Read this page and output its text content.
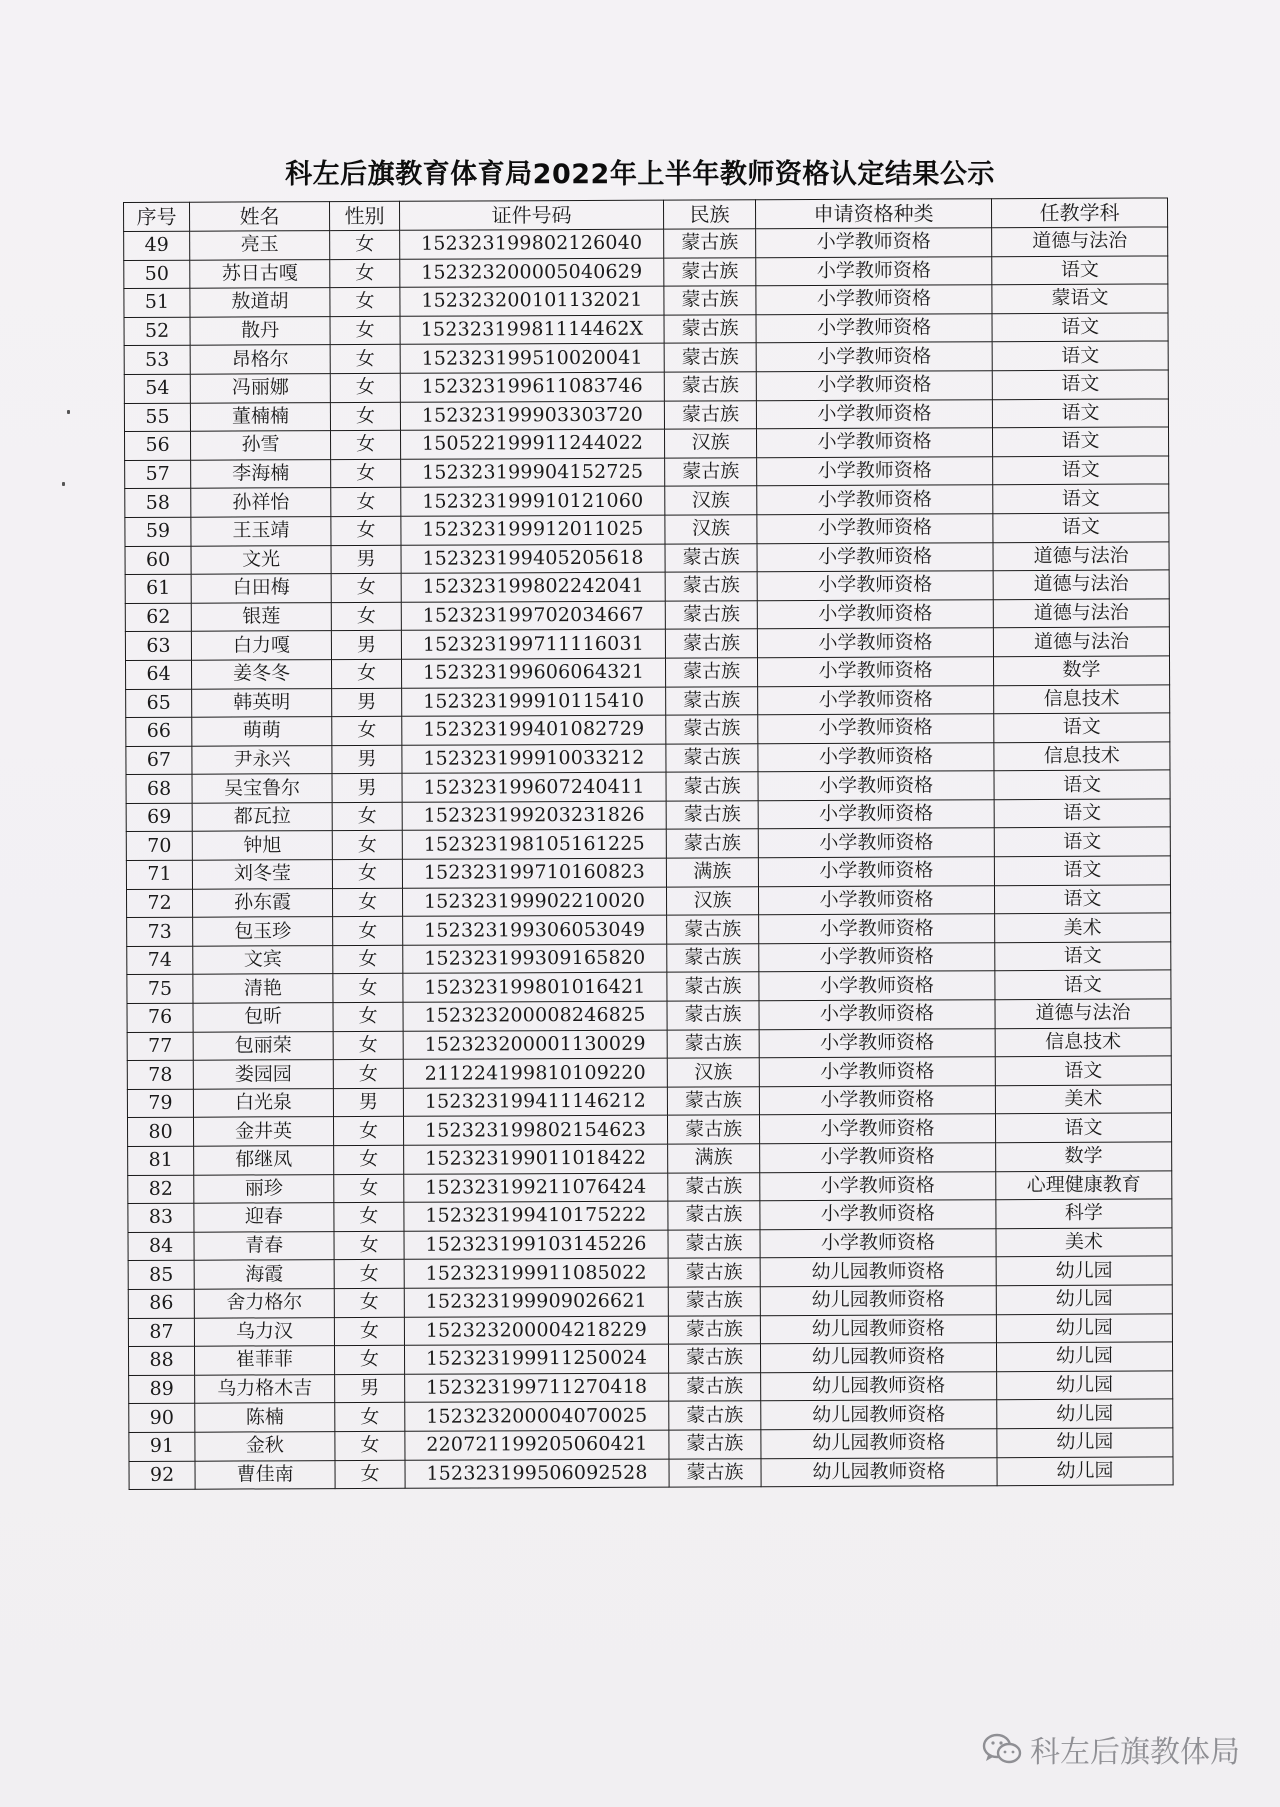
科左后旗教育体育局2022年上半年教师资格认定结果公示
序号	姓名	性别	证件号码	民族	申请资格种类	任教学科
49	亮玉	女	152323199802126040	蒙古族	小学教师资格	道德与法治
50	苏日古嘎	女	152323200005040629	蒙古族	小学教师资格	语文
51	敖道胡	女	152323200101132021	蒙古族	小学教师资格	蒙语文
52	散丹	女	15232319981114462X	蒙古族	小学教师资格	语文
53	昂格尔	女	152323199510020041	蒙古族	小学教师资格	语文
54	冯丽娜	女	152323199611083746	蒙古族	小学教师资格	语文
55	董楠楠	女	152323199903303720	蒙古族	小学教师资格	语文
56	孙雪	女	150522199911244022	汉族	小学教师资格	语文
57	李海楠	女	152323199904152725	蒙古族	小学教师资格	语文
58	孙祥怡	女	152323199910121060	汉族	小学教师资格	语文
59	王玉靖	女	152323199912011025	汉族	小学教师资格	语文
60	文光	男	152323199405205618	蒙古族	小学教师资格	道德与法治
61	白田梅	女	152323199802242041	蒙古族	小学教师资格	道德与法治
62	银莲	女	152323199702034667	蒙古族	小学教师资格	道德与法治
63	白力嘎	男	152323199711116031	蒙古族	小学教师资格	道德与法治
64	姜冬冬	女	152323199606064321	蒙古族	小学教师资格	数学
65	韩英明	男	152323199910115410	蒙古族	小学教师资格	信息技术
66	萌萌	女	152323199401082729	蒙古族	小学教师资格	语文
67	尹永兴	男	152323199910033212	蒙古族	小学教师资格	信息技术
68	吴宝鲁尔	男	152323199607240411	蒙古族	小学教师资格	语文
69	都瓦拉	女	152323199203231826	蒙古族	小学教师资格	语文
70	钟旭	女	152323198105161225	蒙古族	小学教师资格	语文
71	刘冬莹	女	152323199710160823	满族	小学教师资格	语文
72	孙东霞	女	152323199902210020	汉族	小学教师资格	语文
73	包玉珍	女	152323199306053049	蒙古族	小学教师资格	美术
74	文宾	女	152323199309165820	蒙古族	小学教师资格	语文
75	清艳	女	152323199801016421	蒙古族	小学教师资格	语文
76	包昕	女	152323200008246825	蒙古族	小学教师资格	道德与法治
77	包丽荣	女	152323200001130029	蒙古族	小学教师资格	信息技术
78	娄园园	女	211224199810109220	汉族	小学教师资格	语文
79	白光泉	男	152323199411146212	蒙古族	小学教师资格	美术
80	金井英	女	152323199802154623	蒙古族	小学教师资格	语文
81	郁继凤	女	152323199011018422	满族	小学教师资格	数学
82	丽珍	女	152323199211076424	蒙古族	小学教师资格	心理健康教育
83	迎春	女	152323199410175222	蒙古族	小学教师资格	科学
84	青春	女	152323199103145226	蒙古族	小学教师资格	美术
85	海霞	女	152323199911085022	蒙古族	幼儿园教师资格	幼儿园
86	舍力格尔	女	152323199909026621	蒙古族	幼儿园教师资格	幼儿园
87	乌力汉	女	152323200004218229	蒙古族	幼儿园教师资格	幼儿园
88	崔菲菲	女	152323199911250024	蒙古族	幼儿园教师资格	幼儿园
89	乌力格木吉	男	152323199711270418	蒙古族	幼儿园教师资格	幼儿园
90	陈楠	女	152323200004070025	蒙古族	幼儿园教师资格	幼儿园
91	金秋	女	220721199205060421	蒙古族	幼儿园教师资格	幼儿园
92	曹佳南	女	152323199506092528	蒙古族	幼儿园教师资格	幼儿园
科左后旗教体局
